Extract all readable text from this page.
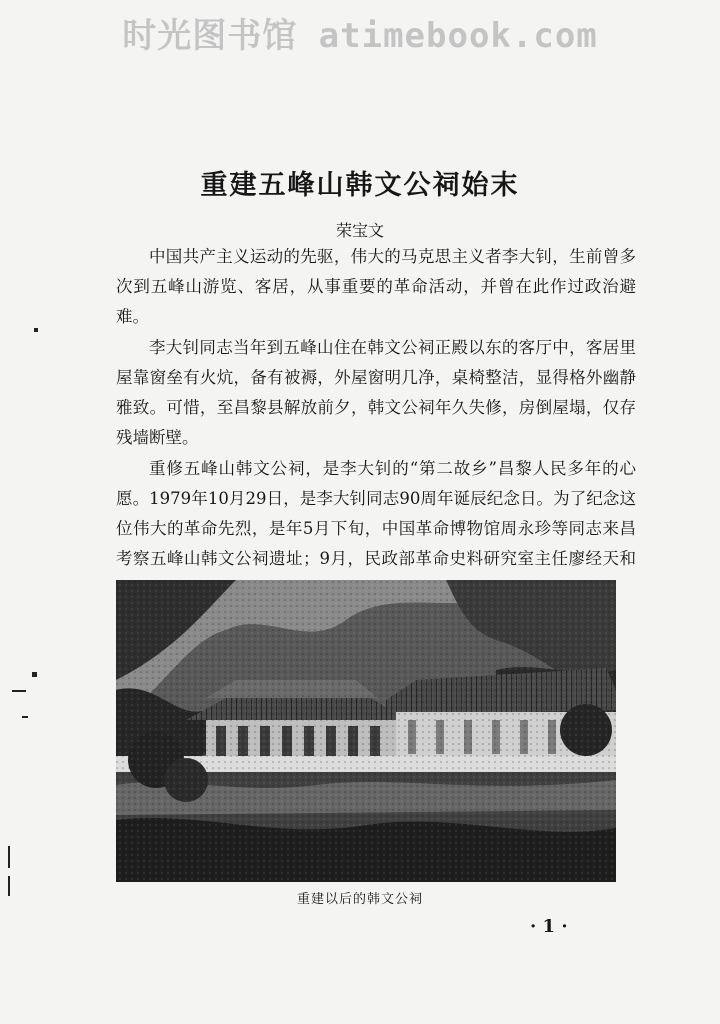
时光图书馆 atimebook.com
重建五峰山韩文公祠始末
荣宝文

中国共产主义运动的先驱，伟大的马克思主义者李大钊，生前曾多次到五峰山游览、客居，从事重要的革命活动，并曾在此作过政治避难。

李大钊同志当年到五峰山住在韩文公祠正殿以东的客厅中，客居里屋靠窗垒有火炕，备有被褥，外屋窗明几净，桌椅整洁，显得格外幽静雅致。可惜，至昌黎县解放前夕，韩文公祠年久失修，房倒屋塌，仅存残墙断壁。

重修五峰山韩文公祠，是李大钊的“第二故乡”昌黎人民多年的心愿。1979年10月29日，是李大钊同志90周年诞辰纪念日。为了纪念这位伟大的革命先烈，是年5月下旬，中国革命博物馆周永珍等同志来昌考察五峰山韩文公祠遗址；9月，民政部革命史料研究室主任廖经天和

重建以后的韩文公祠
· 1 ·
